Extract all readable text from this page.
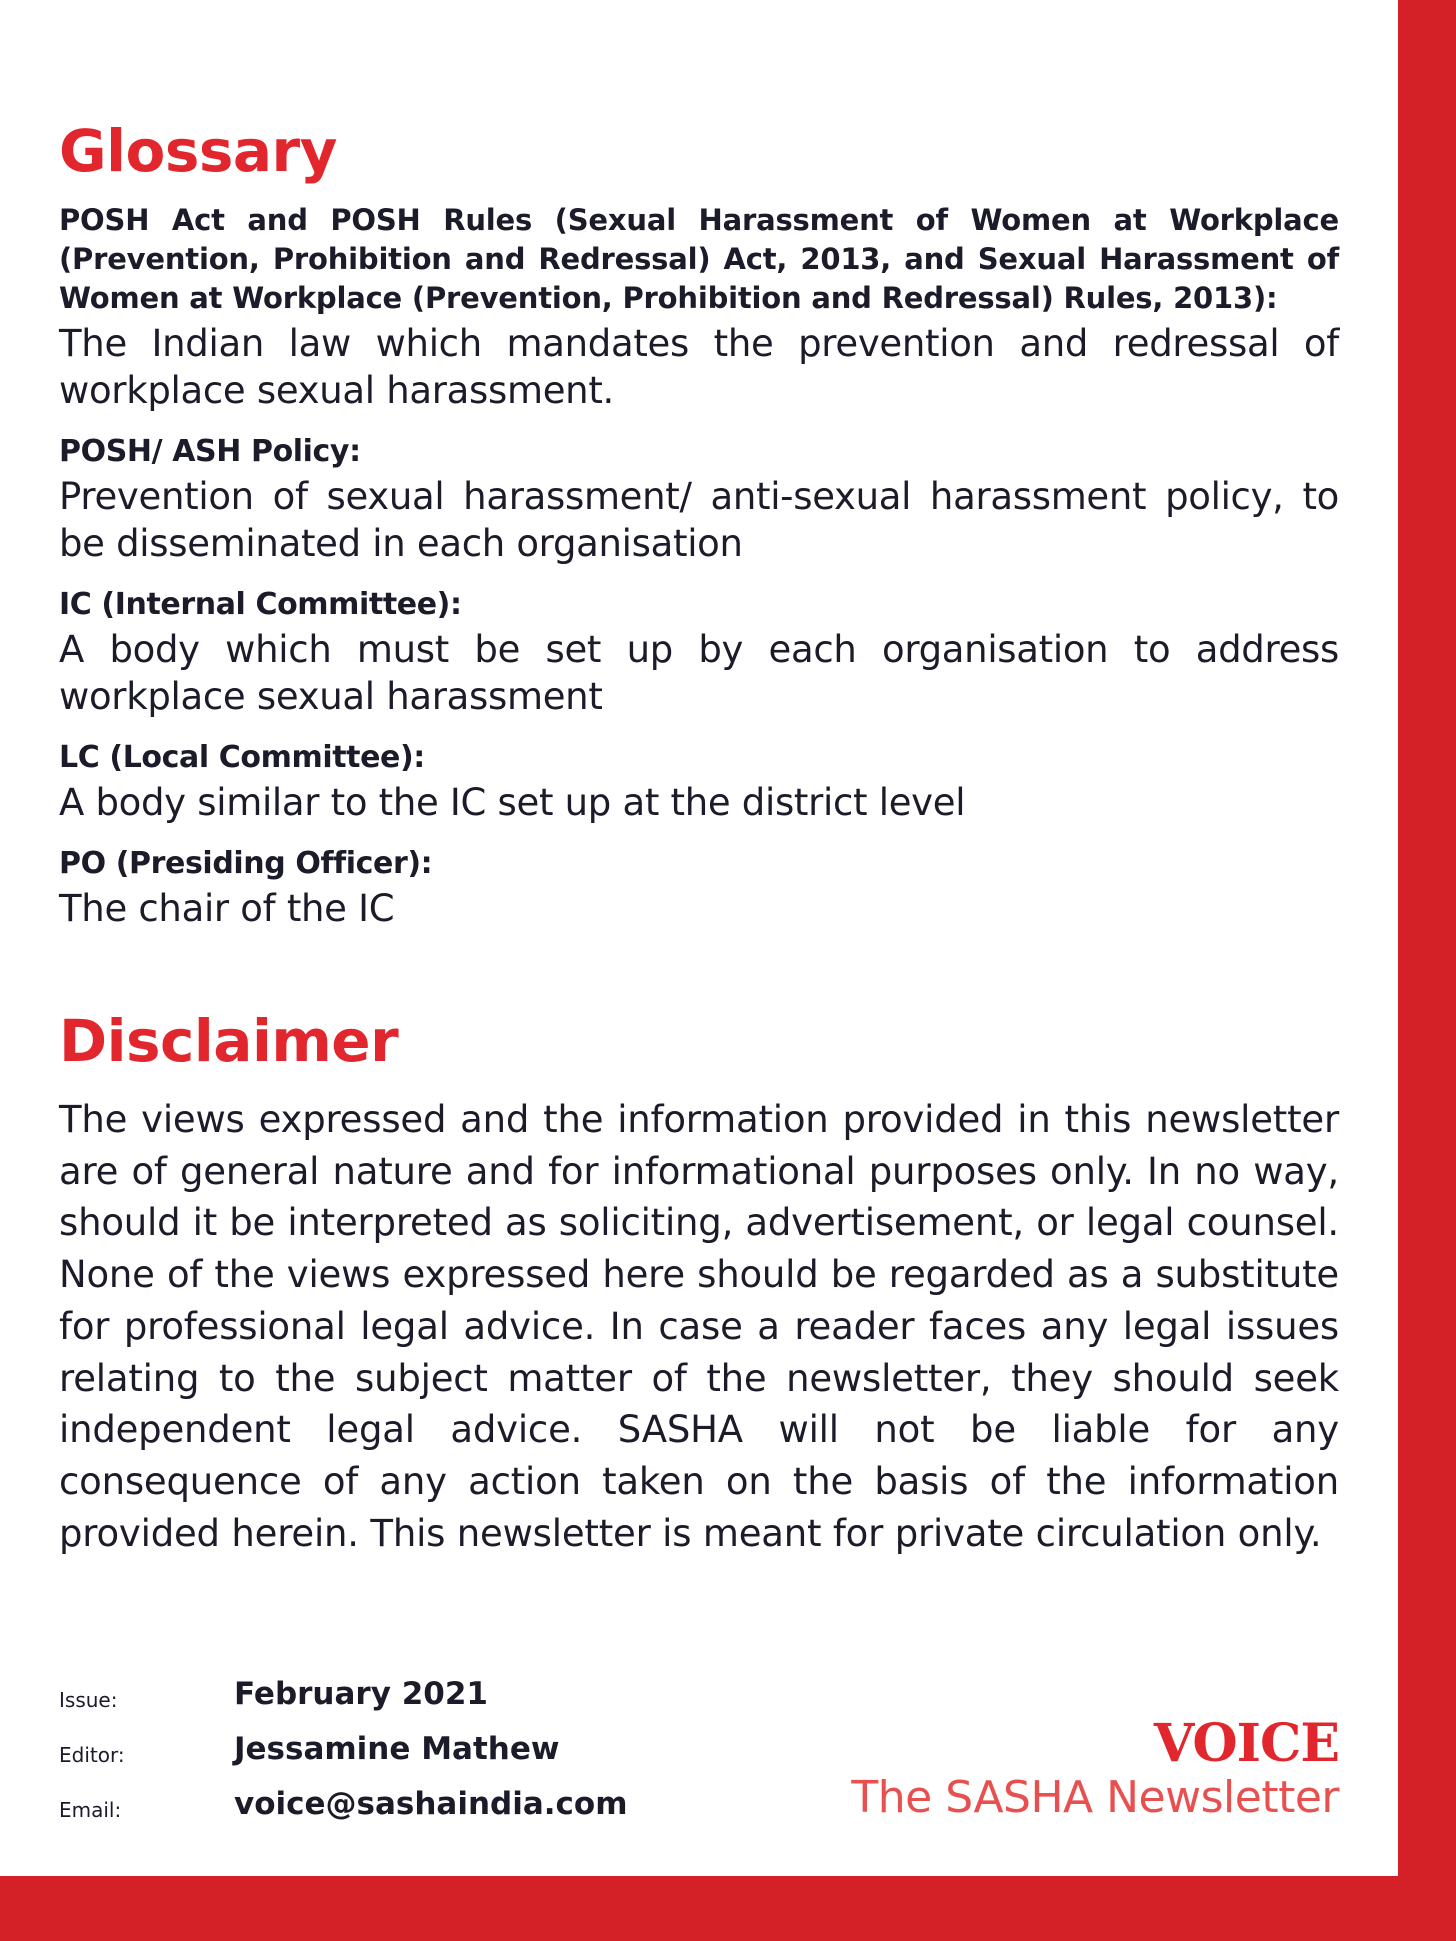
Glossary

POSH Act and POSH Rules (Sexual Harassment of Women at Workplace (Prevention, Prohibition and Redressal) Act, 2013, and Sexual Harassment of Women at Workplace (Prevention, Prohibition and Redressal) Rules, 2013):

The Indian law which mandates the prevention and redressal of workplace sexual harassment.

POSH/ ASH Policy:

Prevention of sexual harassment/ anti-sexual harassment policy, to be disseminated in each organisation

IC (Internal Committee):

A body which must be set up by each organisation to address workplace sexual harassment

LC (Local Committee):

A body similar to the IC set up at the district level

PO (Presiding Officer):

The chair of the IC

Disclaimer

The views expressed and the information provided in this newsletter are of general nature and for informational purposes only. In no way, should it be interpreted as soliciting, advertisement, or legal counsel. None of the views expressed here should be regarded as a substitute for professional legal advice. In case a reader faces any legal issues relating to the subject matter of the newsletter, they should seek independent legal advice. SASHA will not be liable for any consequence of any action taken on the basis of the information provided herein. This newsletter is meant for private circulation only.

Issue:	February 2021
Editor:	Jessamine Mathew
Email:	voice@sashaindia.com
VOICE
The SASHA Newsletter
